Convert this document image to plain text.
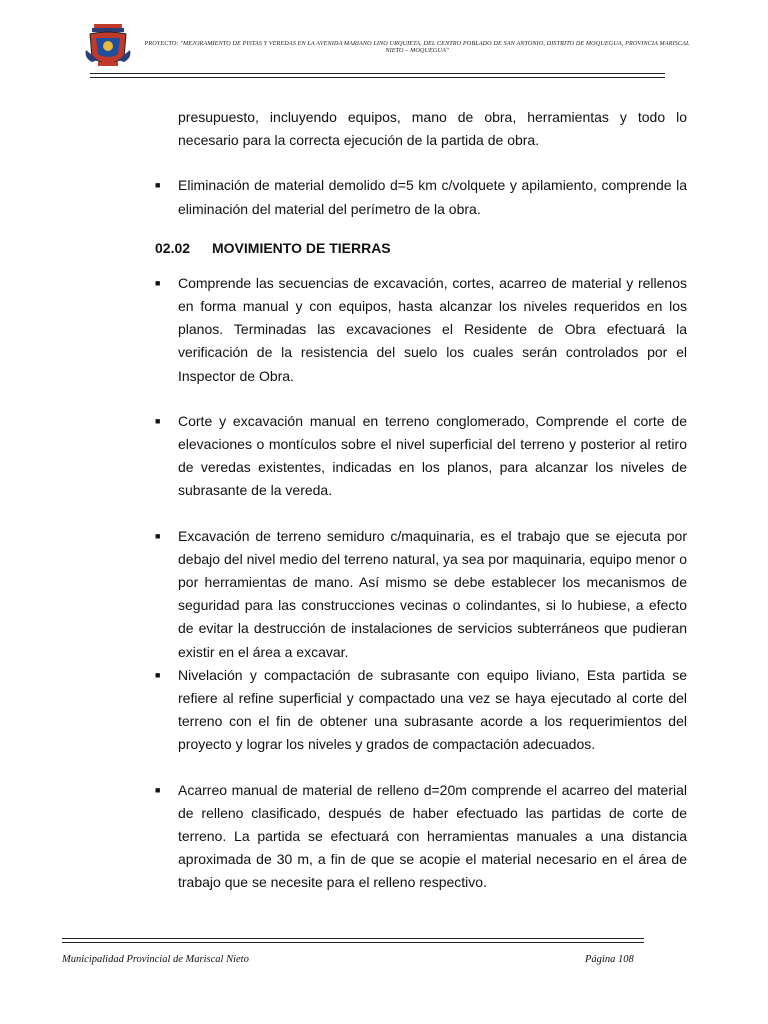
PROYECTO: "MEJORAMIENTO DE PISTAS Y VEREDAS EN LA AVENIDA MARIANO LINO URQUIETA, DEL CENTRO POBLADO DE SAN ANTONIO, DISTRITO DE MOQUEGUA, PROVINCIA MARISCAL NIETO – MOQUEGUA"
presupuesto, incluyendo equipos, mano de obra, herramientas y todo lo necesario para la correcta ejecución de la partida de obra.
■ Eliminación de material demolido d=5 km c/volquete y apilamiento, comprende la eliminación del material del perímetro de la obra.
02.02 MOVIMIENTO DE TIERRAS
■ Comprende las secuencias de excavación, cortes, acarreo de material y rellenos en forma manual y con equipos, hasta alcanzar los niveles requeridos en los planos. Terminadas las excavaciones el Residente de Obra efectuará la verificación de la resistencia del suelo los cuales serán controlados por el Inspector de Obra.
■ Corte y excavación manual en terreno conglomerado, Comprende el corte de elevaciones o montículos sobre el nivel superficial del terreno y posterior al retiro de veredas existentes, indicadas en los planos, para alcanzar los niveles de subrasante de la vereda.
■ Excavación de terreno semiduro c/maquinaria, es el trabajo que se ejecuta por debajo del nivel medio del terreno natural, ya sea por maquinaria, equipo menor o por herramientas de mano. Así mismo se debe establecer los mecanismos de seguridad para las construcciones vecinas o colindantes, si lo hubiese, a efecto de evitar la destrucción de instalaciones de servicios subterráneos que pudieran existir en el área a excavar.
■ Nivelación y compactación de subrasante con equipo liviano, Esta partida se refiere al refine superficial y compactado una vez se haya ejecutado al corte del terreno con el fin de obtener una subrasante acorde a los requerimientos del proyecto y lograr los niveles y grados de compactación adecuados.
■ Acarreo manual de material de relleno d=20m comprende el acarreo del material de relleno clasificado, después de haber efectuado las partidas de corte de terreno. La partida se efectuará con herramientas manuales a una distancia aproximada de 30 m, a fin de que se acopie el material necesario en el área de trabajo que se necesite para el relleno respectivo.
Municipalidad Provincial de Mariscal Nieto	Página 108
